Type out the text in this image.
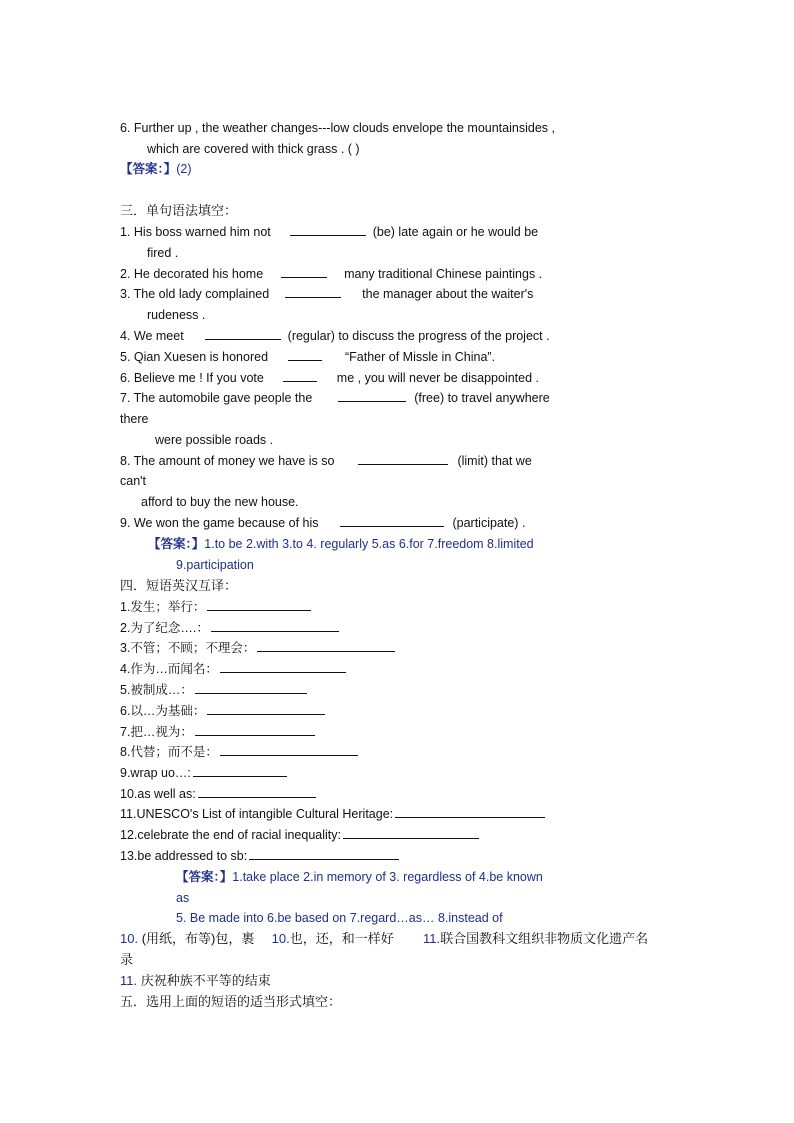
6. Further up , the weather changes---low clouds envelope the mountainsides ,
which are covered with thick grass . ( )
【答案：】(2)
三．单句语法填空：
1. His boss warned him not	(be) late again or he would be
fired .
2. He decorated his home	many traditional Chinese paintings .
3. The old lady complained	the manager about the waiter's
rudeness .
4. We meet	(regular) to discuss the progress of the project .
5. Qian Xuesen is honored	“Father of Missle in China”.
6. Believe me ! If you vote	me , you will never be disappointed .
7. The automobile gave people the	(free) to travel anywhere
there
were possible roads .
8. The amount of money we have is so	(limit) that we
can't
afford to buy the new house.
9. We won the game because of his	(participate) .
【答案：】1.to be 2.with 3.to 4. regularly 5.as 6.for 7.freedom 8.limited
9.participation
四．短语英汉互译：
1.发生；举行：
2.为了纪念….：
3.不管；不顾；不理会：
4.作为…而闻名：
5.被制成…：
6.以…为基础：
7.把…视为：
8.代替；而不是：
9.wrap uo…:
10.as well as:
11.UNESCO's List of intangible Cultural Heritage:
12.celebrate the end of racial inequality:
13.be addressed to sb:
【答案：】1.take place 2.in memory of 3. regardless of 4.be known
as
5. Be made into 6.be based on 7.regard…as… 8.instead of
10. (用纸，布等)包，裹 10.也，还，和一样好 11.联合国教科文组织非物质文化遗产名
录
11. 庆祝种族不平等的结束
五．选用上面的短语的适当形式填空：
